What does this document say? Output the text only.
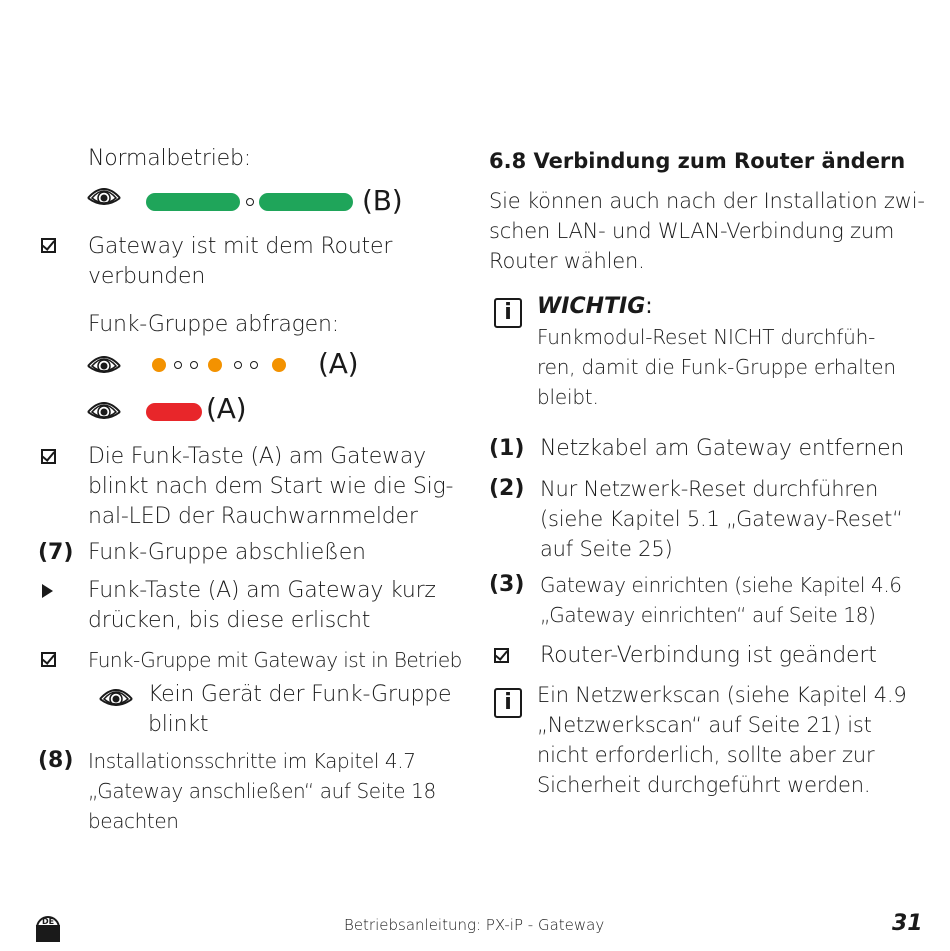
Normalbetrieb:
(B)
Gateway ist mit dem Router
verbunden
Funk-Gruppe abfragen:
(A)
(A)
Die Funk-Taste (A) am Gateway
blinkt nach dem Start wie die Sig-
nal-LED der Rauchwarnmelder
(7) Funk-Gruppe abschließen
Funk-Taste (A) am Gateway kurz
drücken, bis diese erlischt
Funk-Gruppe mit Gateway ist in Betrieb
Kein Gerät der Funk-Gruppe
blinkt
(8) Installationsschritte im Kapitel 4.7
„Gateway anschließen“ auf Seite 18
beachten
6.8 Verbindung zum Router ändern
Sie können auch nach der Installation zwi-
schen LAN- und WLAN-Verbindung zum
Router wählen.
i	WICHTIG:
Funkmodul-Reset NICHT durchfüh-
ren, damit die Funk-Gruppe erhalten
bleibt.
(1) Netzkabel am Gateway entfernen
(2) Nur Netzwerk-Reset durchführen
(siehe Kapitel 5.1 „Gateway-Reset“
auf Seite 25)
(3) Gateway einrichten (siehe Kapitel 4.6
„Gateway einrichten“ auf Seite 18)
Router-Verbindung ist geändert
i	Ein Netzwerkscan (siehe Kapitel 4.9
„Netzwerkscan“ auf Seite 21) ist
nicht erforderlich, sollte aber zur
Sicherheit durchgeführt werden.
DE	Betriebsanleitung: PX-iP - Gateway	31
